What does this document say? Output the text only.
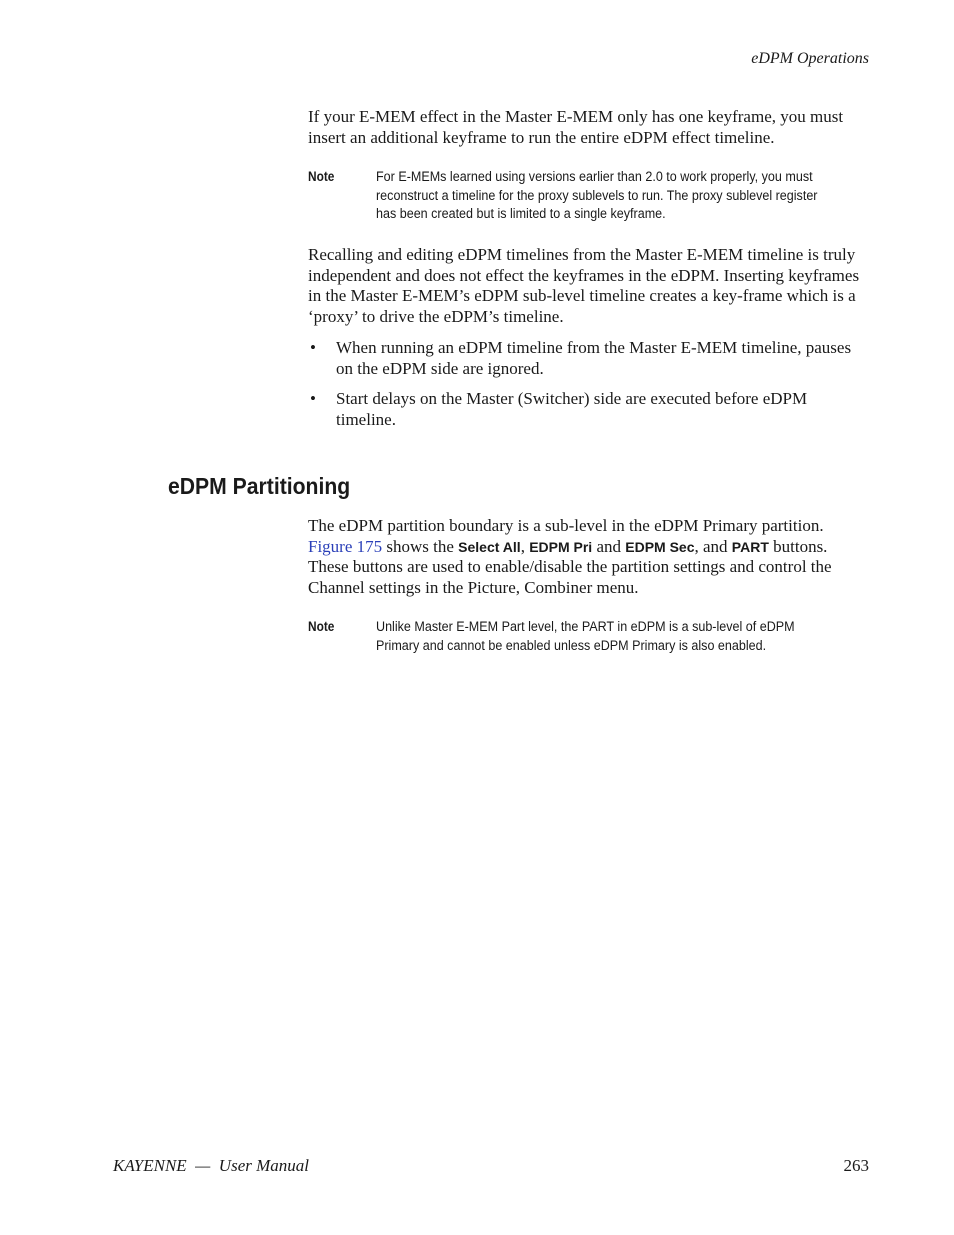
eDPM Operations

If your E-MEM effect in the Master E-MEM only has one keyframe, you must insert an additional keyframe to run the entire eDPM effect timeline.

Note	For E-MEMs learned using versions earlier than 2.0 to work properly, you must reconstruct a timeline for the proxy sublevels to run. The proxy sublevel register has been created but is limited to a single keyframe.

Recalling and editing eDPM timelines from the Master E-MEM timeline is truly independent and does not effect the keyframes in the eDPM. Inserting keyframes in the Master E-MEM’s eDPM sub-level timeline creates a key-frame which is a ‘proxy’ to drive the eDPM’s timeline.

• When running an eDPM timeline from the Master E-MEM timeline, pauses on the eDPM side are ignored.
• Start delays on the Master (Switcher) side are executed before eDPM timeline.
eDPM Partitioning

The eDPM partition boundary is a sub-level in the eDPM Primary partition. Figure 175 shows the Select All, EDPM Pri and EDPM Sec, and PART buttons. These buttons are used to enable/disable the partition settings and control the Channel settings in the Picture, Combiner menu.

Note	Unlike Master E-MEM Part level, the PART in eDPM is a sub-level of eDPM Primary and cannot be enabled unless eDPM Primary is also enabled.
KAYENNE  —  User Manual	263
